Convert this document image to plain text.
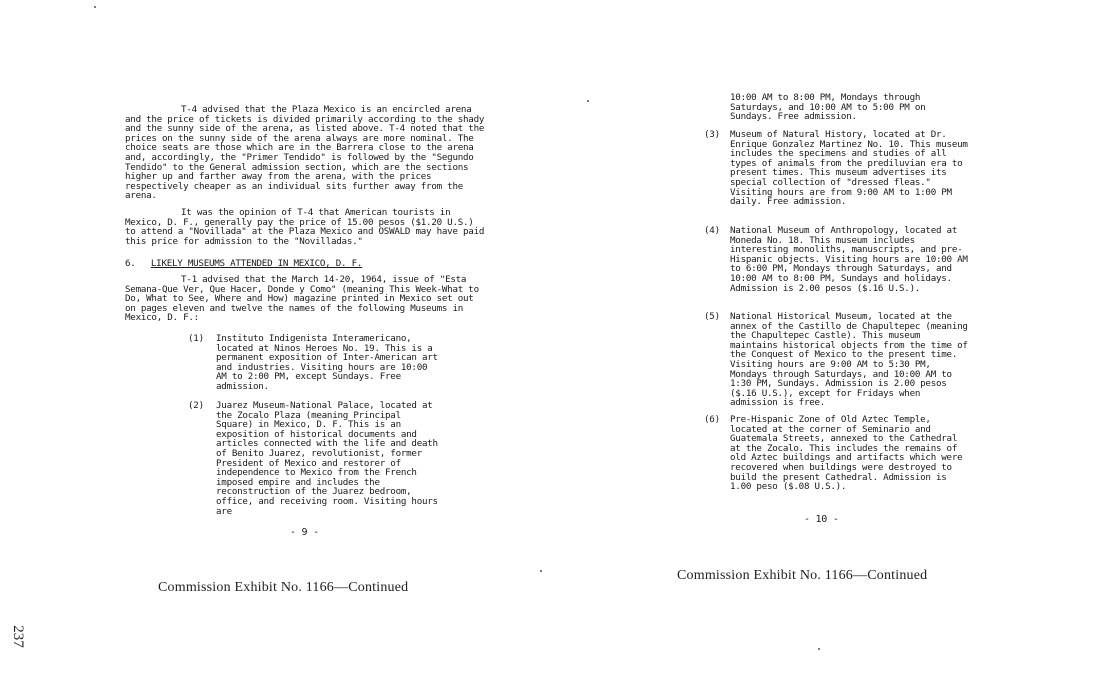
T-4 advised that the Plaza Mexico is an encircled arena and the price of tickets is divided primarily according to the shady and the sunny side of the arena, as listed above. T-4 noted that the prices on the sunny side of the arena always are more nominal. The choice seats are those which are in the Barrera close to the arena and, accordingly, the "Primer Tendido" is followed by the "Segundo Tendido" to the General admission section, which are the sections higher up and farther away from the arena, with the prices respectively cheaper as an individual sits further away from the arena.

It was the opinion of T-4 that American tourists in Mexico, D. F., generally pay the price of 15.00 pesos ($1.20 U.S.) to attend a "Novillada" at the Plaza Mexico and OSWALD may have paid this price for admission to the "Novilladas."

6. LIKELY MUSEUMS ATTENDED IN MEXICO, D. F.

T-1 advised that the March 14-20, 1964, issue of "Esta Semana-Que Ver, Que Hacer, Donde y Como" (meaning This Week-What to Do, What to See, Where and How) magazine printed in Mexico set out on pages eleven and twelve the names of the following Museums in Mexico, D. F.:

(1) Instituto Indigenista Interamericano, located at Ninos Heroes No. 19. This is a permanent exposition of Inter-American art and industries. Visiting hours are 10:00 AM to 2:00 PM, except Sundays. Free admission.
(2) Juarez Museum-National Palace, located at the Zocalo Plaza (meaning Principal Square) in Mexico, D. F. This is an exposition of historical documents and articles connected with the life and death of Benito Juarez, revolutionist, former President of Mexico and restorer of independence to Mexico from the French imposed empire and includes the reconstruction of the Juarez bedroom, office, and receiving room. Visiting hours are
- 9 -
Commission Exhibit No. 1166—Continued
237

10:00 AM to 8:00 PM, Mondays through Saturdays, and 10:00 AM to 5:00 PM on Sundays. Free admission.

(3) Museum of Natural History, located at Dr. Enrique Gonzalez Martinez No. 10. This museum includes the specimens and studies of all types of animals from the prediluvian era to present times. This museum advertises its special collection of "dressed fleas." Visiting hours are from 9:00 AM to 1:00 PM daily. Free admission.
(4) National Museum of Anthropology, located at Moneda No. 18. This museum includes interesting monoliths, manuscripts, and pre-Hispanic objects. Visiting hours are 10:00 AM to 6:00 PM, Mondays through Saturdays, and 10:00 AM to 8:00 PM, Sundays and holidays. Admission is 2.00 pesos ($.16 U.S.).
(5) National Historical Museum, located at the annex of the Castillo de Chapultepec (meaning the Chapultepec Castle). This museum maintains historical objects from the time of the Conquest of Mexico to the present time. Visiting hours are 9:00 AM to 5:30 PM, Mondays through Saturdays, and 10:00 AM to 1:30 PM, Sundays. Admission is 2.00 pesos ($.16 U.S.), except for Fridays when admission is free.
(6) Pre-Hispanic Zone of Old Aztec Temple, located at the corner of Seminario and Guatemala Streets, annexed to the Cathedral at the Zocalo. This includes the remains of old Aztec buildings and artifacts which were recovered when buildings were destroyed to build the present Cathedral. Admission is 1.00 peso ($.08 U.S.).
- 10 -
Commission Exhibit No. 1166—Continued
